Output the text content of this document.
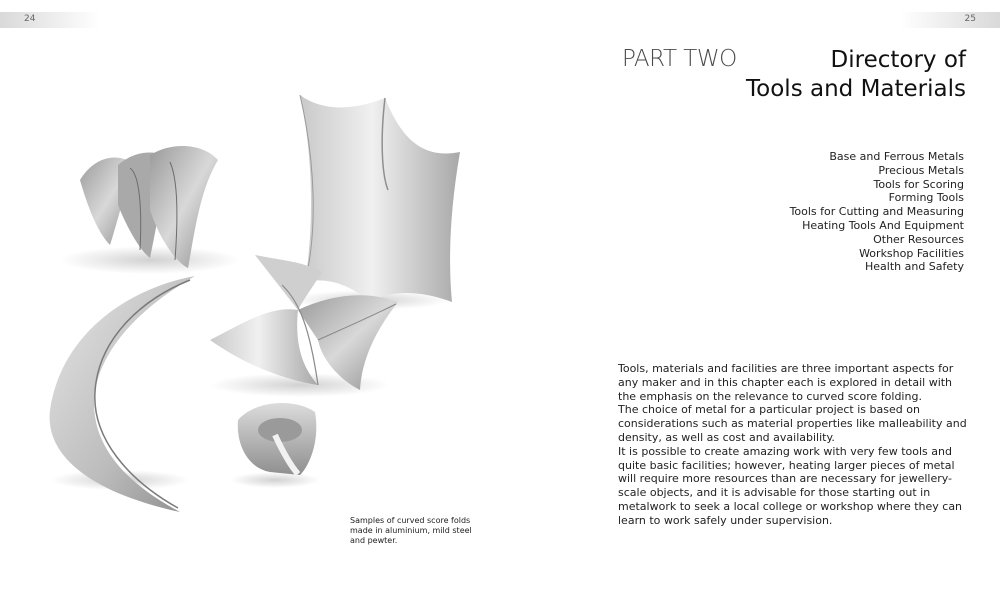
24
Samples of curved score folds
made in aluminium, mild steel
and pewter.
25
PART TWO	Directory of
Tools and Materials
Base and Ferrous Metals
Precious Metals
Tools for Scoring
Forming Tools
Tools for Cutting and Measuring
Heating Tools And Equipment
Other Resources
Workshop Facilities
Health and Safety

Tools, materials and facilities are three important aspects for any maker and in this chapter each is explored in detail with the emphasis on the relevance to curved score folding.

The choice of metal for a particular project is based on considerations such as material properties like malleability and density, as well as cost and availability.

It is possible to create amazing work with very few tools and quite basic facilities; however, heating larger pieces of metal will require more resources than are necessary for jewellery-scale objects, and it is advisable for those starting out in metalwork to seek a local college or workshop where they can learn to work safely under supervision.
